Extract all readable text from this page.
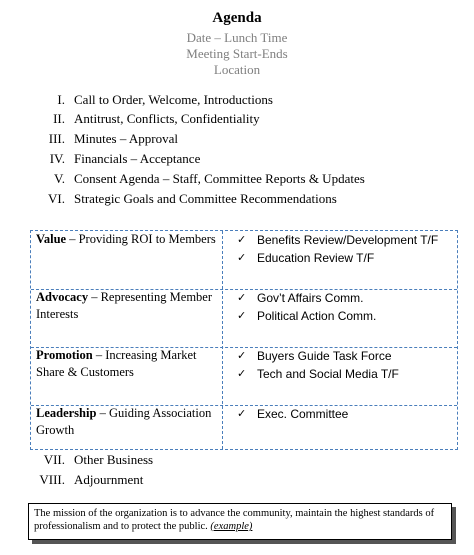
Agenda
Date – Lunch Time
Meeting Start-Ends
Location
I. Call to Order, Welcome, Introductions
II. Antitrust, Conflicts, Confidentiality
III. Minutes – Approval
IV. Financials – Acceptance
V. Consent Agenda – Staff, Committee Reports & Updates
VI. Strategic Goals and Committee Recommendations
Value – Providing ROI to Members	✓ Benefits Review/Development T/F
✓ Education Review T/F
Advocacy – Representing Member Interests
✓ Gov’t Affairs Comm.
✓ Political Action Comm.
Promotion – Increasing Market Share & Customers
✓ Buyers Guide Task Force
✓ Tech and Social Media T/F
Leadership – Guiding Association Growth
✓ Exec. Committee
VII. Other Business
VIII. Adjournment
The mission of the organization is to advance the community, maintain the highest standards of professionalism and to protect the public. (example)
